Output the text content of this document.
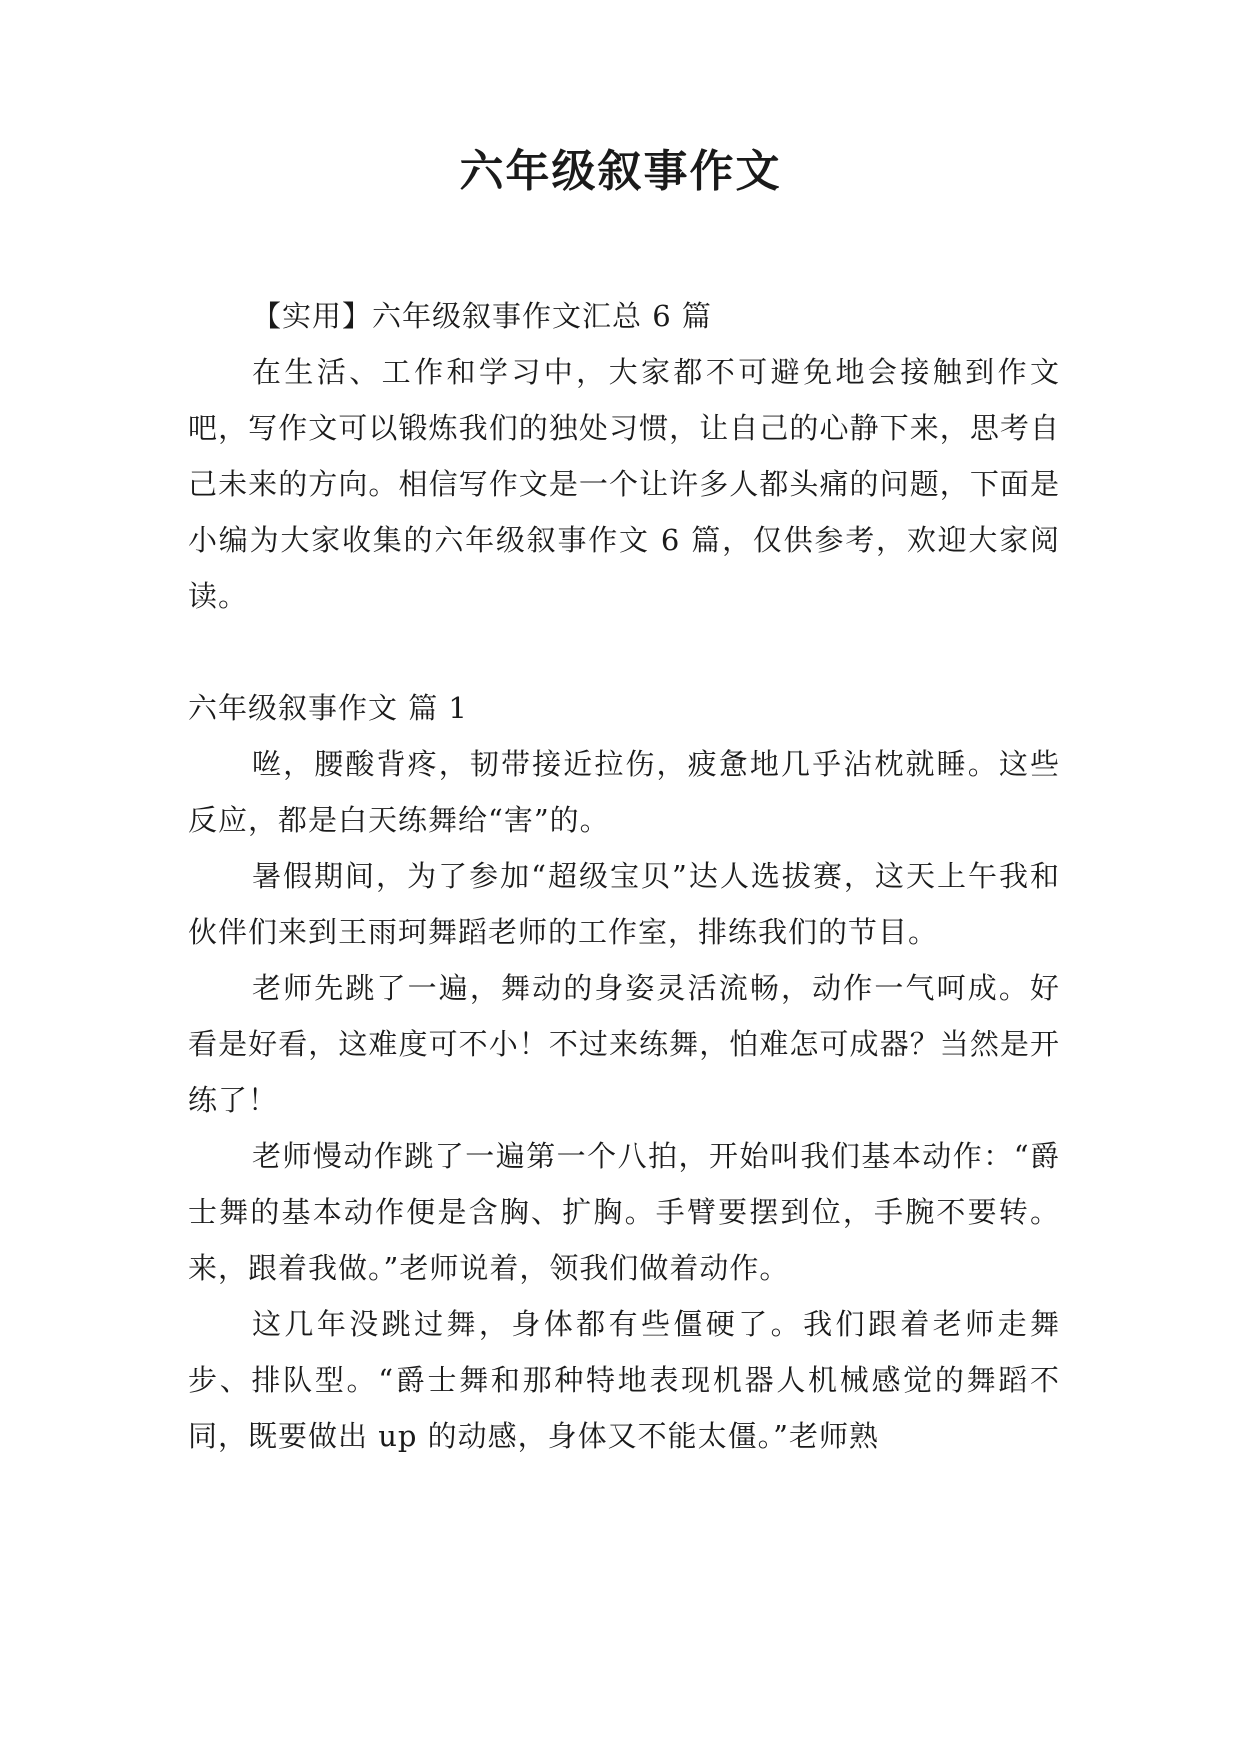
六年级叙事作文

【实用】六年级叙事作文汇总 6 篇

在生活、工作和学习中，大家都不可避免地会接触到作文吧，写作文可以锻炼我们的独处习惯，让自己的心静下来，思考自己未来的方向。相信写作文是一个让许多人都头痛的问题，下面是小编为大家收集的六年级叙事作文 6 篇，仅供参考，欢迎大家阅读。

六年级叙事作文 篇 1

咝，腰酸背疼，韧带接近拉伤，疲惫地几乎沾枕就睡。这些反应，都是白天练舞给“害”的。

暑假期间，为了参加“超级宝贝”达人选拔赛，这天上午我和伙伴们来到王雨珂舞蹈老师的工作室，排练我们的节目。

老师先跳了一遍，舞动的身姿灵活流畅，动作一气呵成。好看是好看，这难度可不小！不过来练舞，怕难怎可成器？当然是开练了！

老师慢动作跳了一遍第一个八拍，开始叫我们基本动作：“爵士舞的基本动作便是含胸、扩胸。手臂要摆到位，手腕不要转。来，跟着我做。”老师说着，领我们做着动作。

这几年没跳过舞，身体都有些僵硬了。我们跟着老师走舞步、排队型。“爵士舞和那种特地表现机器人机械感觉的舞蹈不同，既要做出 up 的动感，身体又不能太僵。”老师熟
